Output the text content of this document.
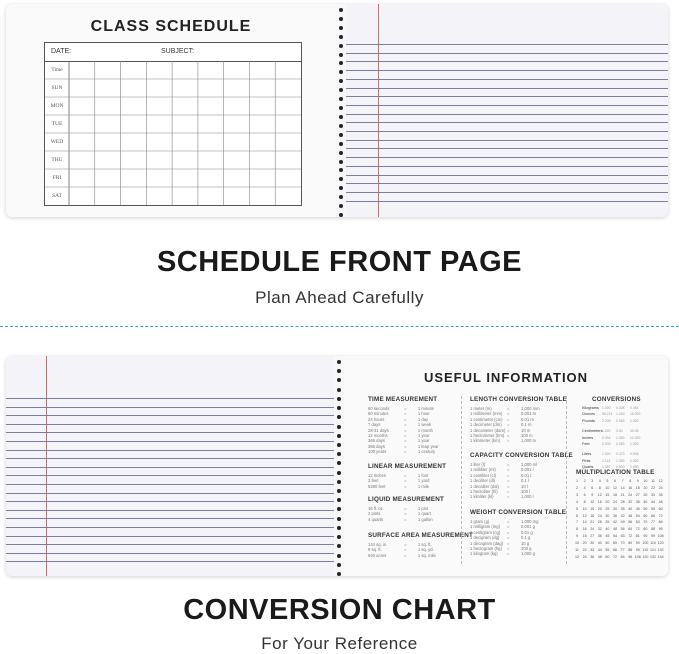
CLASS SCHEDULE
DATE:	SUBJECT:
Time
SUN
MON
TUE
WED
THU
FRI
SAT
SCHEDULE FRONT PAGE
Plan Ahead Carefully
USEFUL INFORMATION
TIME MEASUREMENT
60 seconds	=	1 minute
60 minutes	=	1 hour
24 hours	=	1 day
7 days	=	1 week
28-31 days	=	1 month
12 months	=	1 year
365 days	=	1 year
366 days	=	1 leap year
100 years	=	1 century
LINEAR MEASUREMENT
12 inches	=	1 foot
3 feet	=	1 yard
5280 feet	=	1 mile
LIQUID MEASUREMENT
16 fl. oz.	=	1 pint
2 pints	=	1 quart
4 quarts	=	1 gallon
SURFACE AREA MEASUREMENT
144 sq. in.	=	1 sq. ft.
9 sq. ft.	=	1 sq. yd.
640 acres	=	1 sq. mile
LENGTH CONVERSION TABLE
1 meter (m)	=	1,000 mm
1 millimeter (mm) =	0.001 m
1 centimeter (cm) =	0.01 m
1 decimeter (dm) =	0.1 m
1 decameter (dam) =	10 m
1 hectometer (hm) =	100 m
1 kilometer (km) =	1,000 m
CAPACITY CONVERSION TABLE
1 liter (l)	=	1,000 ml
1 milliliter (ml)	=	0.001 l
1 centiliter (cl)	=	0.01 l
1 deciliter (dl)	=	0.1 l
1 decaliter (dal) =	10 l
1 hectoliter (hl) =	100 l
1 kiloliter (kl)	=	1,000 l
WEIGHT CONVERSION TABLE
1 gram (g)	=	1,000 mg
1 milligram (mg) =	0.001 g
1 centigram (cg) =	0.01 g
1 decigram (dg) =	0.1 g
1 decagram (dag) =	10 g
1 hectogram (hg) =	100 g
1 kilogram (kg) =	1,000 g
CONVERSIONS
Kilograms 1.000 0.028 0.454
Ounces 35.274 1.000 16.000
Pounds 2.205 0.063 1.000
Centimeters 1.000 2.54 30.48
Inches	0.394 1.000 12.000
Feet	0.033 0.083 1.000
Liters	1.000 0.473 0.946
Pints	2.113 1.000 2.000
Quarts	1.057 0.500 1.000
MULTIPLICATION TABLE
1	2	3	4	5	6	7	8	9	10	11	12
2	4	6	8	10 12 14 16 18 20 22 24
3	6	9	12 15 18 21 24 27 30 33 36
4	8	12 16 20 24 28 32 36 40 44 48
5	10 15 20 25 30 35 40 45 50 55 60
6	12 18 24 30 36 42 48 54 60 66 72
7	14 21 28 35 42 49 56 63 70 77 84
8	16 24 32 40 48 56 64 72 80 88 96
9	18 27 36 45 54 63 72 81 90 99 108
10 20 30 40 50 60 70 80 90 100 110 120
11	22 33 44 55 66 77 88 99 110 121 132
12 24 36 48 60 72 84 96 108 120 132 144
CONVERSION CHART
For Your Reference
